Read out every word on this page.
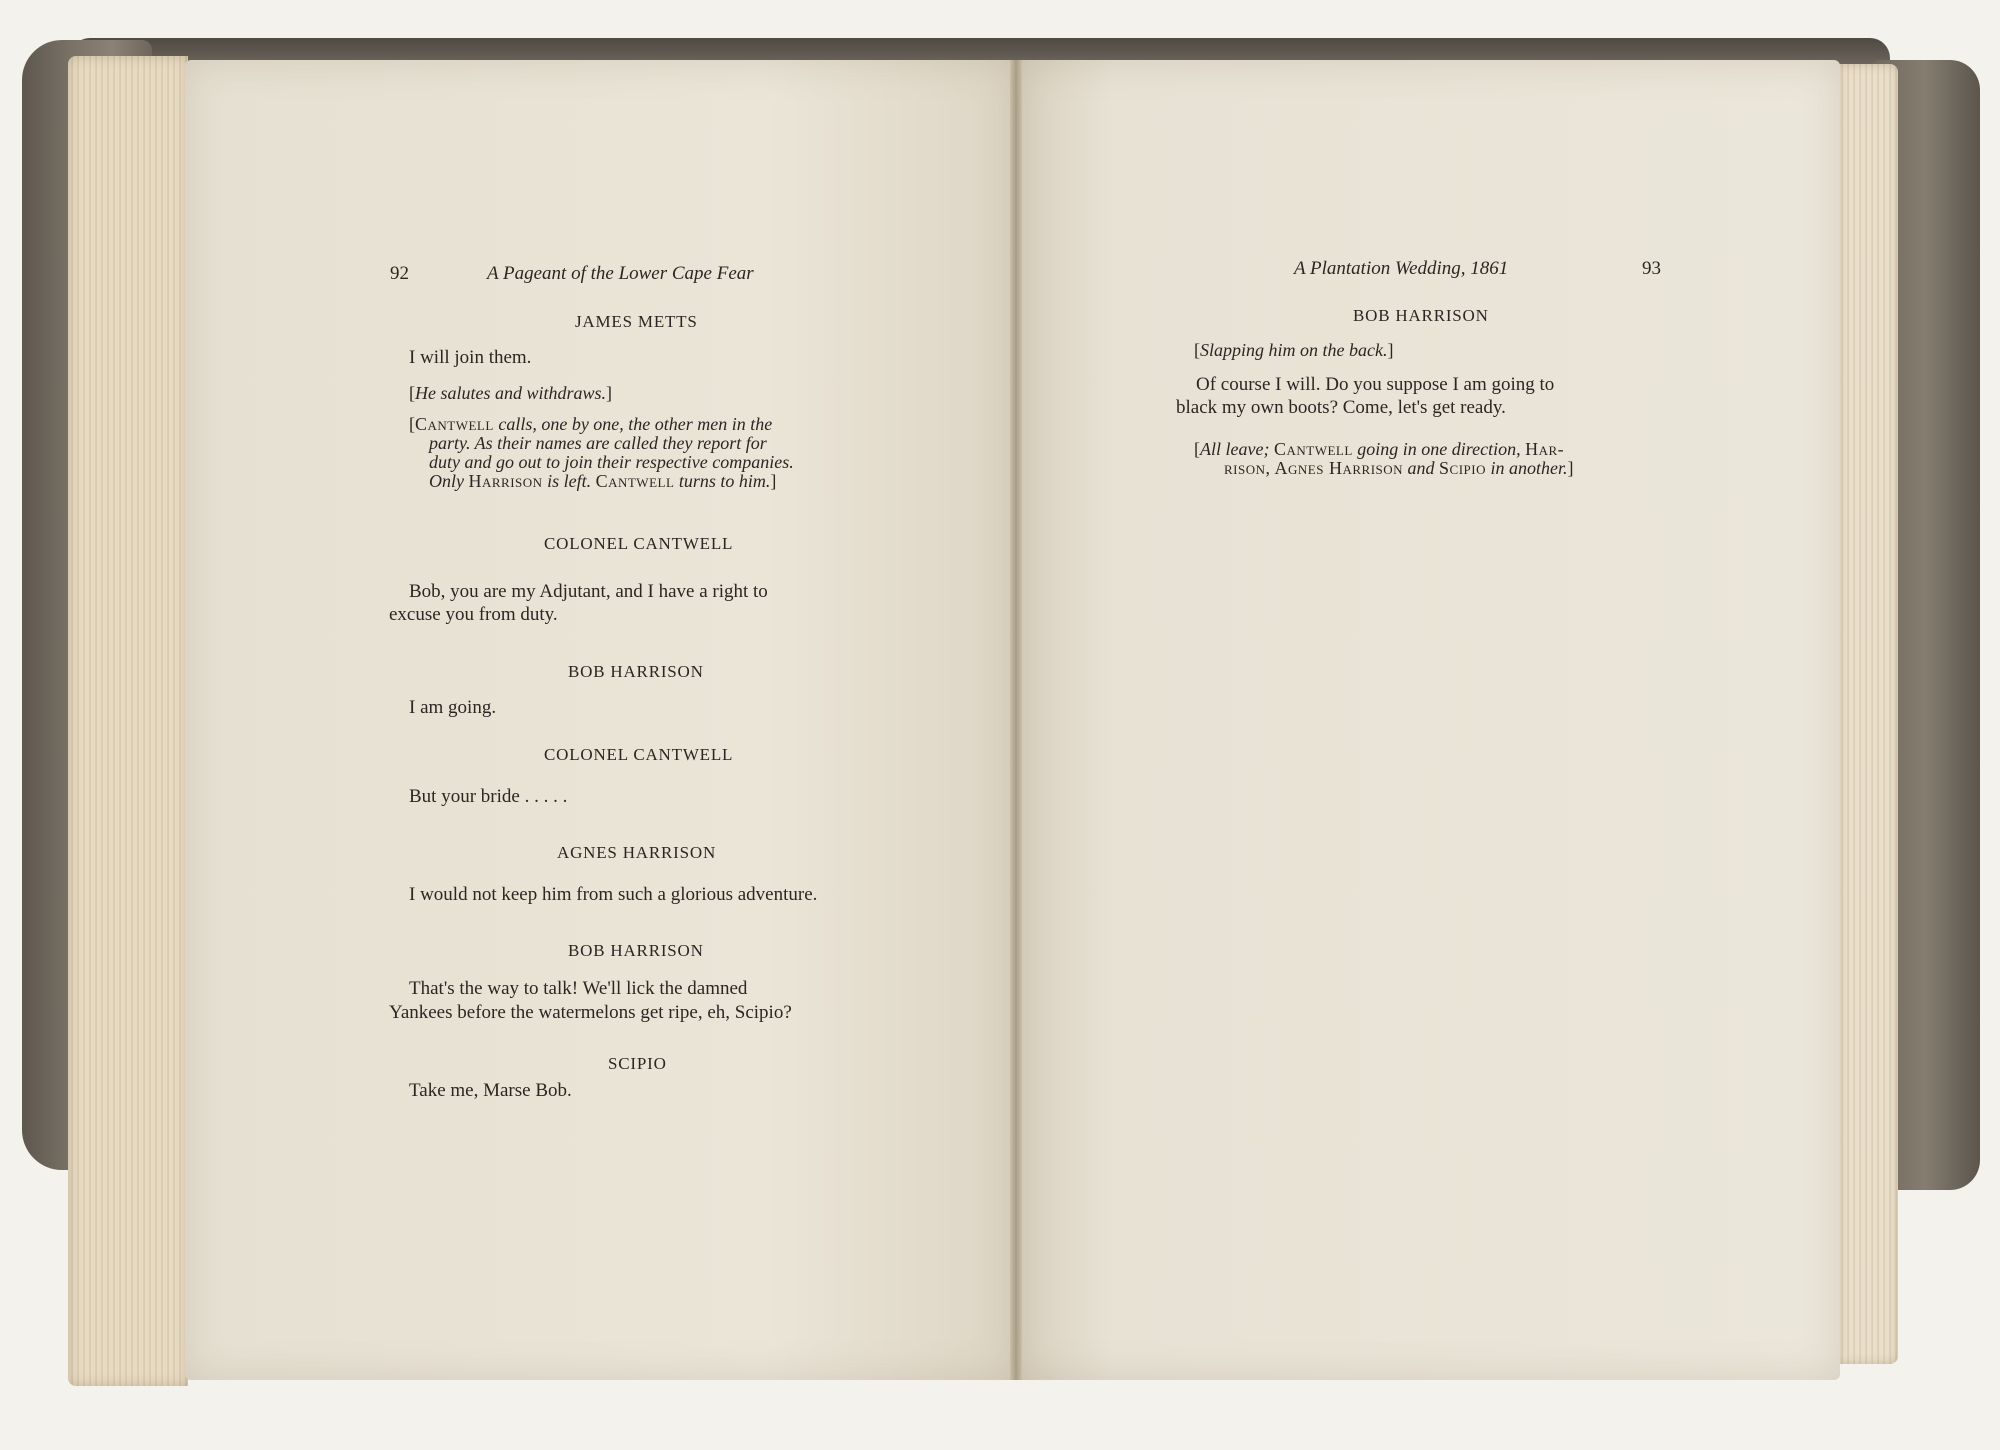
92	A Pageant of the Lower Cape Fear
JAMES METTS
I will join them.
[He salutes and withdraws.]
[Cantwell calls, one by one, the other men in the
party. As their names are called they report for
duty and go out to join their respective companies.
Only Harrison is left. Cantwell turns to him.]
COLONEL CANTWELL
Bob, you are my Adjutant, and I have a right to
excuse you from duty.
BOB HARRISON
I am going.
COLONEL CANTWELL
But your bride . . . . .
AGNES HARRISON
I would not keep him from such a glorious adventure.
BOB HARRISON
That's the way to talk! We'll lick the damned
Yankees before the watermelons get ripe, eh, Scipio?
SCIPIO
Take me, Marse Bob.
A Plantation Wedding, 1861	93
BOB HARRISON
[Slapping him on the back.]
Of course I will. Do you suppose I am going to
black my own boots? Come, let's get ready.
[All leave; Cantwell going in one direction, Har-
rison, Agnes Harrison and Scipio in another.]
